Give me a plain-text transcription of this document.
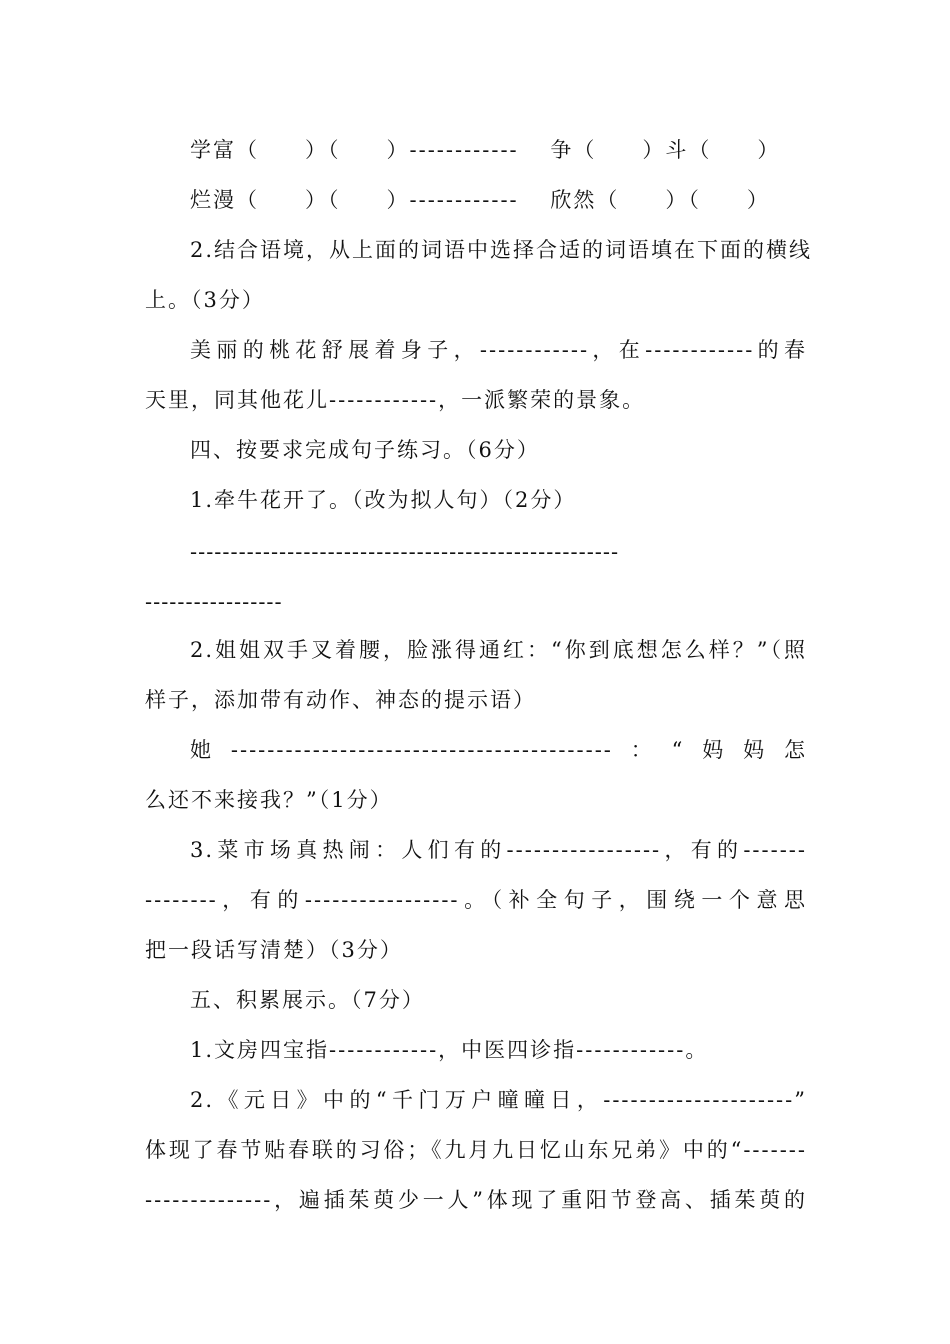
学富（　　）（　　）------------　 争（　　）斗（　　）
烂漫（　　）（　　）------------　 欣然（　　）（　　）
2.结合语境，从上面的词语中选择合适的词语填在下面的横线
上。（3分）
美丽的桃花舒展着身子，------------，在------------的春
天里，同其他花儿------------，一派繁荣的景象。
四、按要求完成句子练习。（6分）
1.牵牛花开了。（改为拟人句）（2分）
-----------------------------------------------------
-----------------
2.姐姐双手叉着腰，脸涨得通红：“你到底想怎么样？”（照
样子，添加带有动作、神态的提示语）
她------------------------------------------：“妈妈怎
么还不来接我？”（1分）
3.菜市场真热闹：人们有的-----------------，有的-------
--------，有的-----------------。（补全句子，围绕一个意思
把一段话写清楚）（3分）
五、积累展示。（7分）
1.文房四宝指------------，中医四诊指------------。
2.《元日》中的“千门万户曈曈日，---------------------”
体现了春节贴春联的习俗；《九月九日忆山东兄弟》中的“-------
--------------，遍插茱萸少一人”体现了重阳节登高、插茱萸的
